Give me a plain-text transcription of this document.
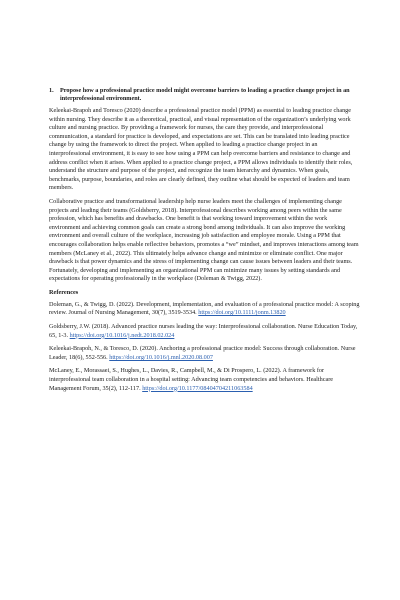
1.	Propose how a professional practice model might overcome barriers to leading a practice change project in an interprofessional environment.

Keleekai-Brapoh and Toresco (2020) describe a professional practice model (PPM) as essential to leading practice change within nursing. They describe it as a theoretical, practical, and visual representation of the organization’s underlying work culture and nursing practice. By providing a framework for nurses, the care they provide, and interprofessional communication, a standard for practice is developed, and expectations are set. This can be translated into leading practice change by using the framework to direct the project. When applied to leading a practice change project in an interprofessional environment, it is easy to see how using a PPM can help overcome barriers and resistance to change and address conflict when it arises. When applied to a practice change project, a PPM allows individuals to identify their roles, understand the structure and purpose of the project, and recognize the team hierarchy and dynamics. When goals, benchmarks, purpose, boundaries, and roles are clearly defined, they outline what should be expected of leaders and team members.

Collaborative practice and transformational leadership help nurse leaders meet the challenges of implementing change projects and leading their teams (Goldsberry, 2018). Interprofessional describes working among peers within the same profession, which has benefits and drawbacks. One benefit is that working toward improvement within the work environment and achieving common goals can create a strong bond among individuals. It can also improve the working environment and overall culture of the workplace, increasing job satisfaction and employee morale. Using a PPM that encourages collaboration helps enable reflective behaviors, promotes a “we” mindset, and improves interactions among team members (McLaney et al., 2022). This ultimately helps advance change and minimize or eliminate conflict. One major drawback is that power dynamics and the stress of implementing change can cause issues between leaders and their teams. Fortunately, developing and implementing an organizational PPM can minimize many issues by setting standards and expectations for operating professionally in the workplace (Doleman & Twigg, 2022).

References

Doleman, G., & Twigg, D. (2022). Development, implementation, and evaluation of a professional practice model: A scoping review. Journal of Nursing Management, 30(7), 3519-3534. https://doi.org/10.1111/jonm.13820

Goldsberry, J.W. (2018). Advanced practice nurses leading the way: Interprofessional collaboration. Nurse Education Today, 65, 1-3. https://doi.org/10.1016/j.nedt.2018.02.024

Keleekai-Brapoh, N., & Toresco, D. (2020). Anchoring a professional practice model: Success through collaboration. Nurse Leader, 18(6), 552-556. https://doi.org/10.1016/j.mnl.2020.08.007

McLaney, E., Morassaei, S., Hughes, L., Davies, R., Campbell, M., & Di Prospero, L. (2022). A framework for interprofessional team collaboration in a hospital setting: Advancing team competencies and behaviors. Healthcare Management Forum, 35(2), 112-117. https://doi.org/10.1177/08404704211063584
